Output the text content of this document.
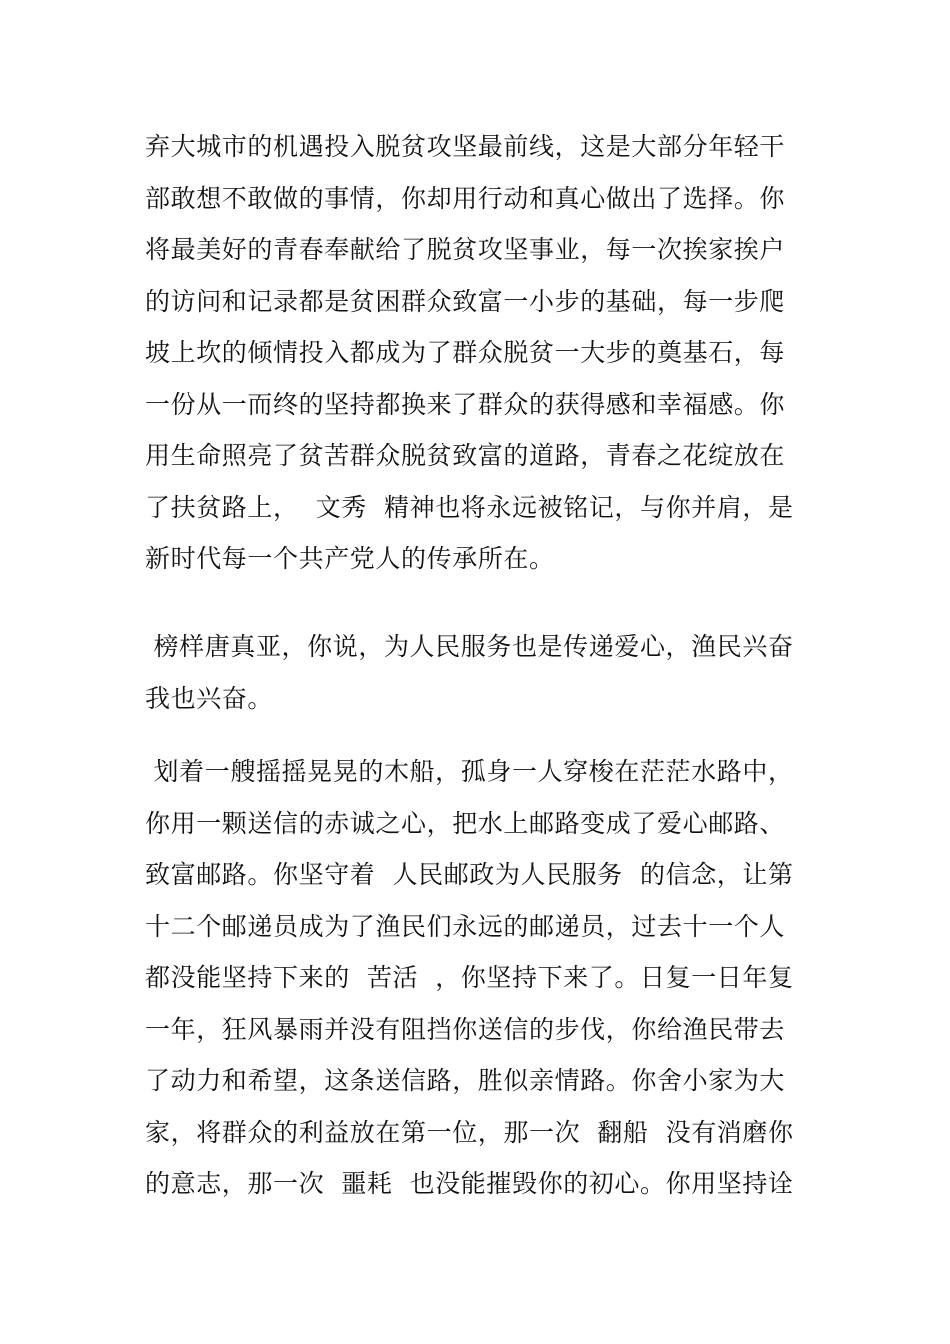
弃大城市的机遇投入脱贫攻坚最前线，这是大部分年轻干
部敢想不敢做的事情，你却用行动和真心做出了选择。你
将最美好的青春奉献给了脱贫攻坚事业，每一次挨家挨户
的访问和记录都是贫困群众致富一小步的基础，每一步爬
坡上坎的倾情投入都成为了群众脱贫一大步的奠基石，每
一份从一而终的坚持都换来了群众的获得感和幸福感。你
用生命照亮了贫苦群众脱贫致富的道路，青春之花绽放在
了扶贫路上，  文秀  精神也将永远被铭记，与你并肩，是
新时代每一个共产党人的传承所在。
榜样唐真亚，你说，为人民服务也是传递爱心，渔民兴奋
我也兴奋。
划着一艘摇摇晃晃的木船，孤身一人穿梭在茫茫水路中，
你用一颗送信的赤诚之心，把水上邮路变成了爱心邮路、
致富邮路。你坚守着  人民邮政为人民服务  的信念，让第
十二个邮递员成为了渔民们永远的邮递员，过去十一个人
都没能坚持下来的  苦活  ，你坚持下来了。日复一日年复
一年，狂风暴雨并没有阻挡你送信的步伐，你给渔民带去
了动力和希望，这条送信路，胜似亲情路。你舍小家为大
家，将群众的利益放在第一位，那一次  翻船  没有消磨你
的意志，那一次  噩耗  也没能摧毁你的初心。你用坚持诠
